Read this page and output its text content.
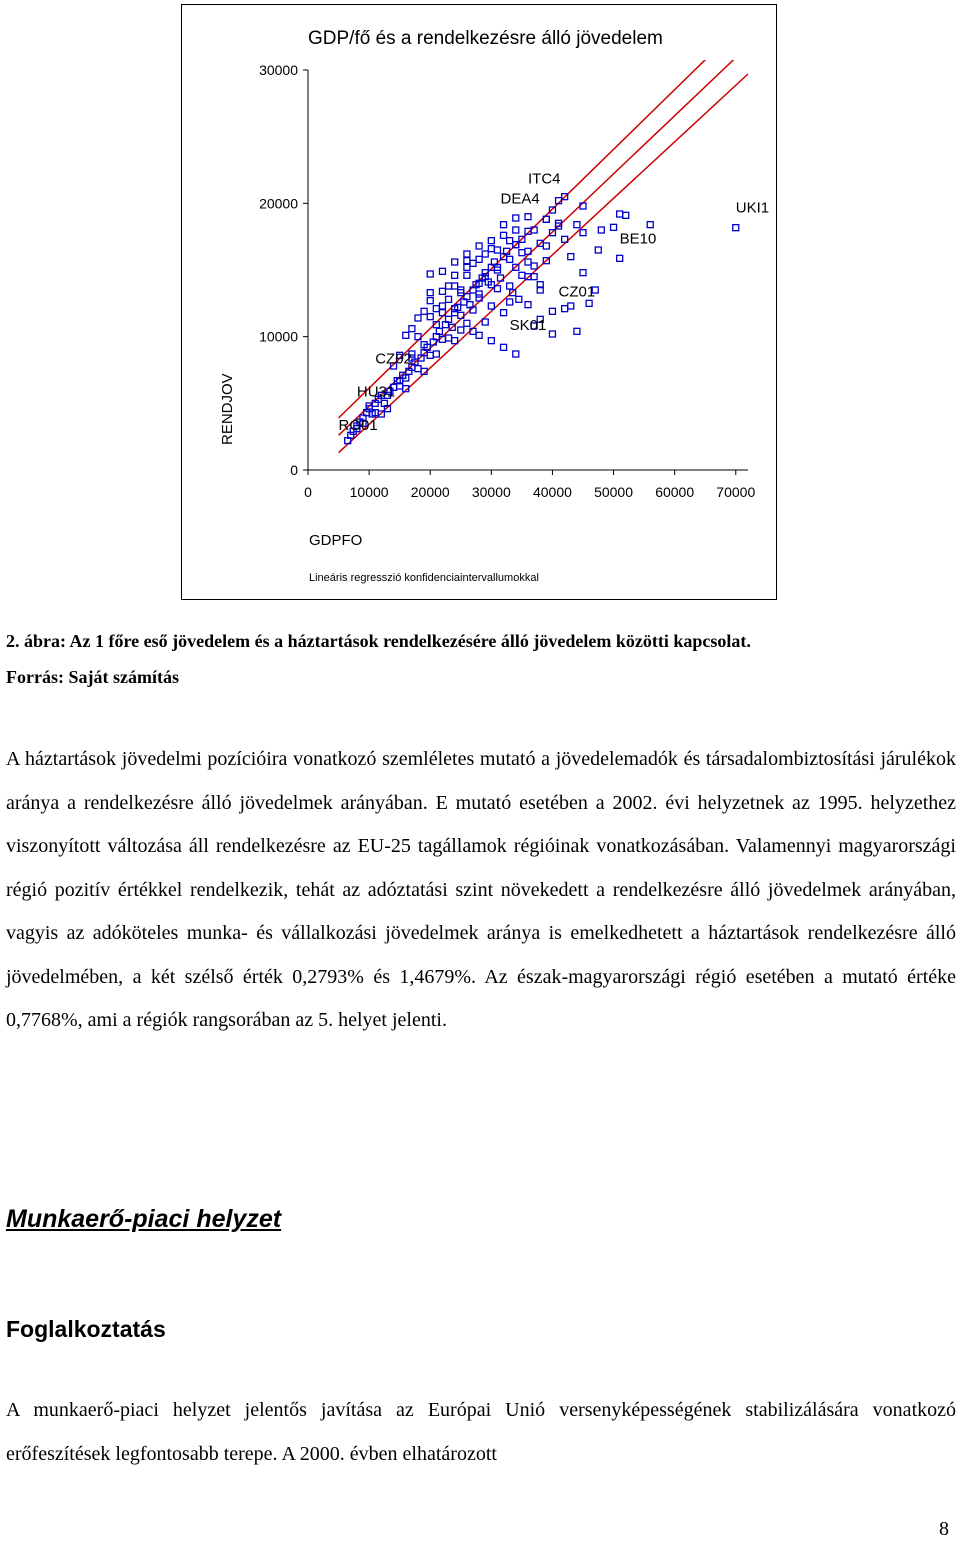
GDP/fő és a rendelkezésre álló jövedelem
RENDJOV
GDPFO
Lineáris regresszió konfidenciaintervallumokkal
0	10000 20000 30000 40000 50000 60000 70000
0
10000
20000
30000
ITC4
DEA4
UKI1
BE10
CZ01
SK01
CZ02
HU31
RO01
2. ábra: Az 1 főre eső jövedelem és a háztartások rendelkezésére álló jövedelem közötti kapcsolat.
Forrás: Saját számítás
A háztartások jövedelmi pozícióira vonatkozó szemléletes mutató a jövedelemadók és társadalombiztosítási járulékok aránya a rendelkezésre álló jövedelmek arányában. E mutató esetében a 2002. évi helyzetnek az 1995. helyzethez viszonyított változása áll rendelkezésre az EU-25 tagállamok régióinak vonatkozásában. Valamennyi magyarországi régió pozitív értékkel rendelkezik, tehát az adóztatási szint növekedett a rendelkezésre álló jövedelmek arányában, vagyis az adóköteles munka- és vállalkozási jövedelmek aránya is emelkedhetett a háztartások rendelkezésre álló jövedelmében, a két szélső érték 0,2793% és 1,4679%. Az észak-magyarországi régió esetében a mutató értéke 0,7768%, ami a régiók rangsorában az 5. helyet jelenti.
Munkaerő-piaci helyzet
Foglalkoztatás
A munkaerő-piaci helyzet jelentős javítása az Európai Unió versenyképességének stabilizálására vonatkozó erőfeszítések legfontosabb terepe. A 2000. évben elhatározott
8
